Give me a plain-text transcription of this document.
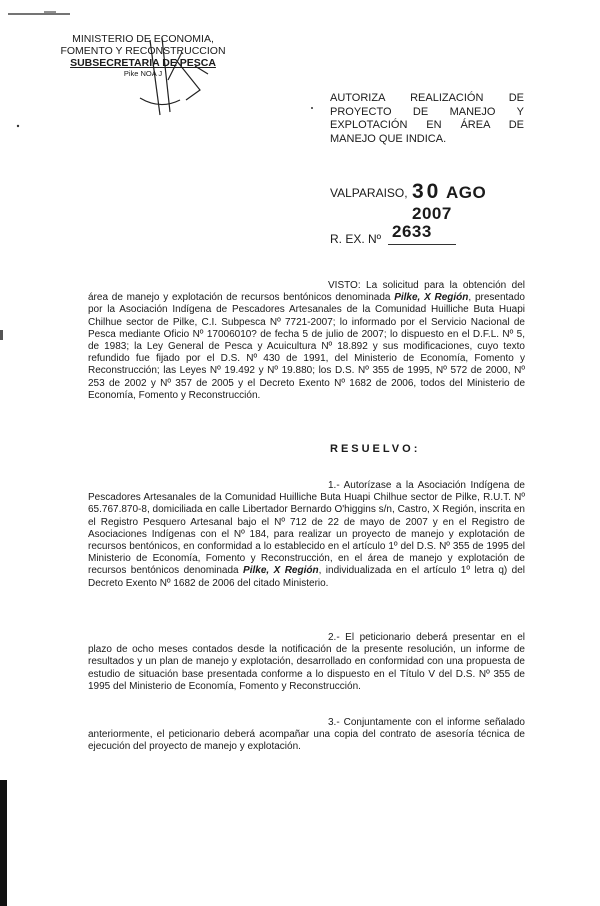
MINISTERIO DE ECONOMIA,
FOMENTO Y RECONSTRUCCION
SUBSECRETARIA DE PESCA
Pike NOA J
AUTORIZA REALIZACIÓN DE PROYECTO DE MANEJO Y EXPLOTACIÓN EN ÁREA DE MANEJO QUE INDICA.
VALPARAISO, 30 AGO 2007
R. EX. Nº 2633
VISTO: La solicitud para la obtención del área de manejo y explotación de recursos bentónicos denominada Pilke, X Región, presentado por la Asociación Indígena de Pescadores Artesanales de la Comunidad Huilliche Buta Huapi Chilhue sector de Pilke, C.I. Subpesca Nº 7721-2007; lo informado por el Servicio Nacional de Pesca mediante Oficio Nº 17006010? de fecha 5 de julio de 2007; lo dispuesto en el D.F.L. Nº 5, de 1983; la Ley General de Pesca y Acuicultura Nº 18.892 y sus modificaciones, cuyo texto refundido fue fijado por el D.S. Nº 430 de 1991, del Ministerio de Economía, Fomento y Reconstrucción; las Leyes Nº 19.492 y Nº 19.880; los D.S. Nº 355 de 1995, Nº 572 de 2000, Nº 253 de 2002 y Nº 357 de 2005 y el Decreto Exento Nº 1682 de 2006, todos del Ministerio de Economía, Fomento y Reconstrucción.
RESUELVO:
1.- Autorízase a la Asociación Indígena de Pescadores Artesanales de la Comunidad Huilliche Buta Huapi Chilhue sector de Pilke, R.U.T. Nº 65.767.870-8, domiciliada en calle Libertador Bernardo O'higgins s/n, Castro, X Región, inscrita en el Registro Pesquero Artesanal bajo el Nº 712 de 22 de mayo de 2007 y en el Registro de Asociaciones Indígenas con el Nº 184, para realizar un proyecto de manejo y explotación de recursos bentónicos, en conformidad a lo establecido en el artículo 1º del D.S. Nº 355 de 1995 del Ministerio de Economía, Fomento y Reconstrucción, en el área de manejo y explotación de recursos bentónicos denominada Pilke, X Región, individualizada en el artículo 1º letra q) del Decreto Exento Nº 1682 de 2006 del citado Ministerio.
2.- El peticionario deberá presentar en el plazo de ocho meses contados desde la notificación de la presente resolución, un informe de resultados y un plan de manejo y explotación, desarrollado en conformidad con una propuesta de estudio de situación base presentada conforme a lo dispuesto en el Título V del D.S. Nº 355 de 1995 del Ministerio de Economía, Fomento y Reconstrucción.
3.- Conjuntamente con el informe señalado anteriormente, el peticionario deberá acompañar una copia del contrato de asesoría técnica de ejecución del proyecto de manejo y explotación.
